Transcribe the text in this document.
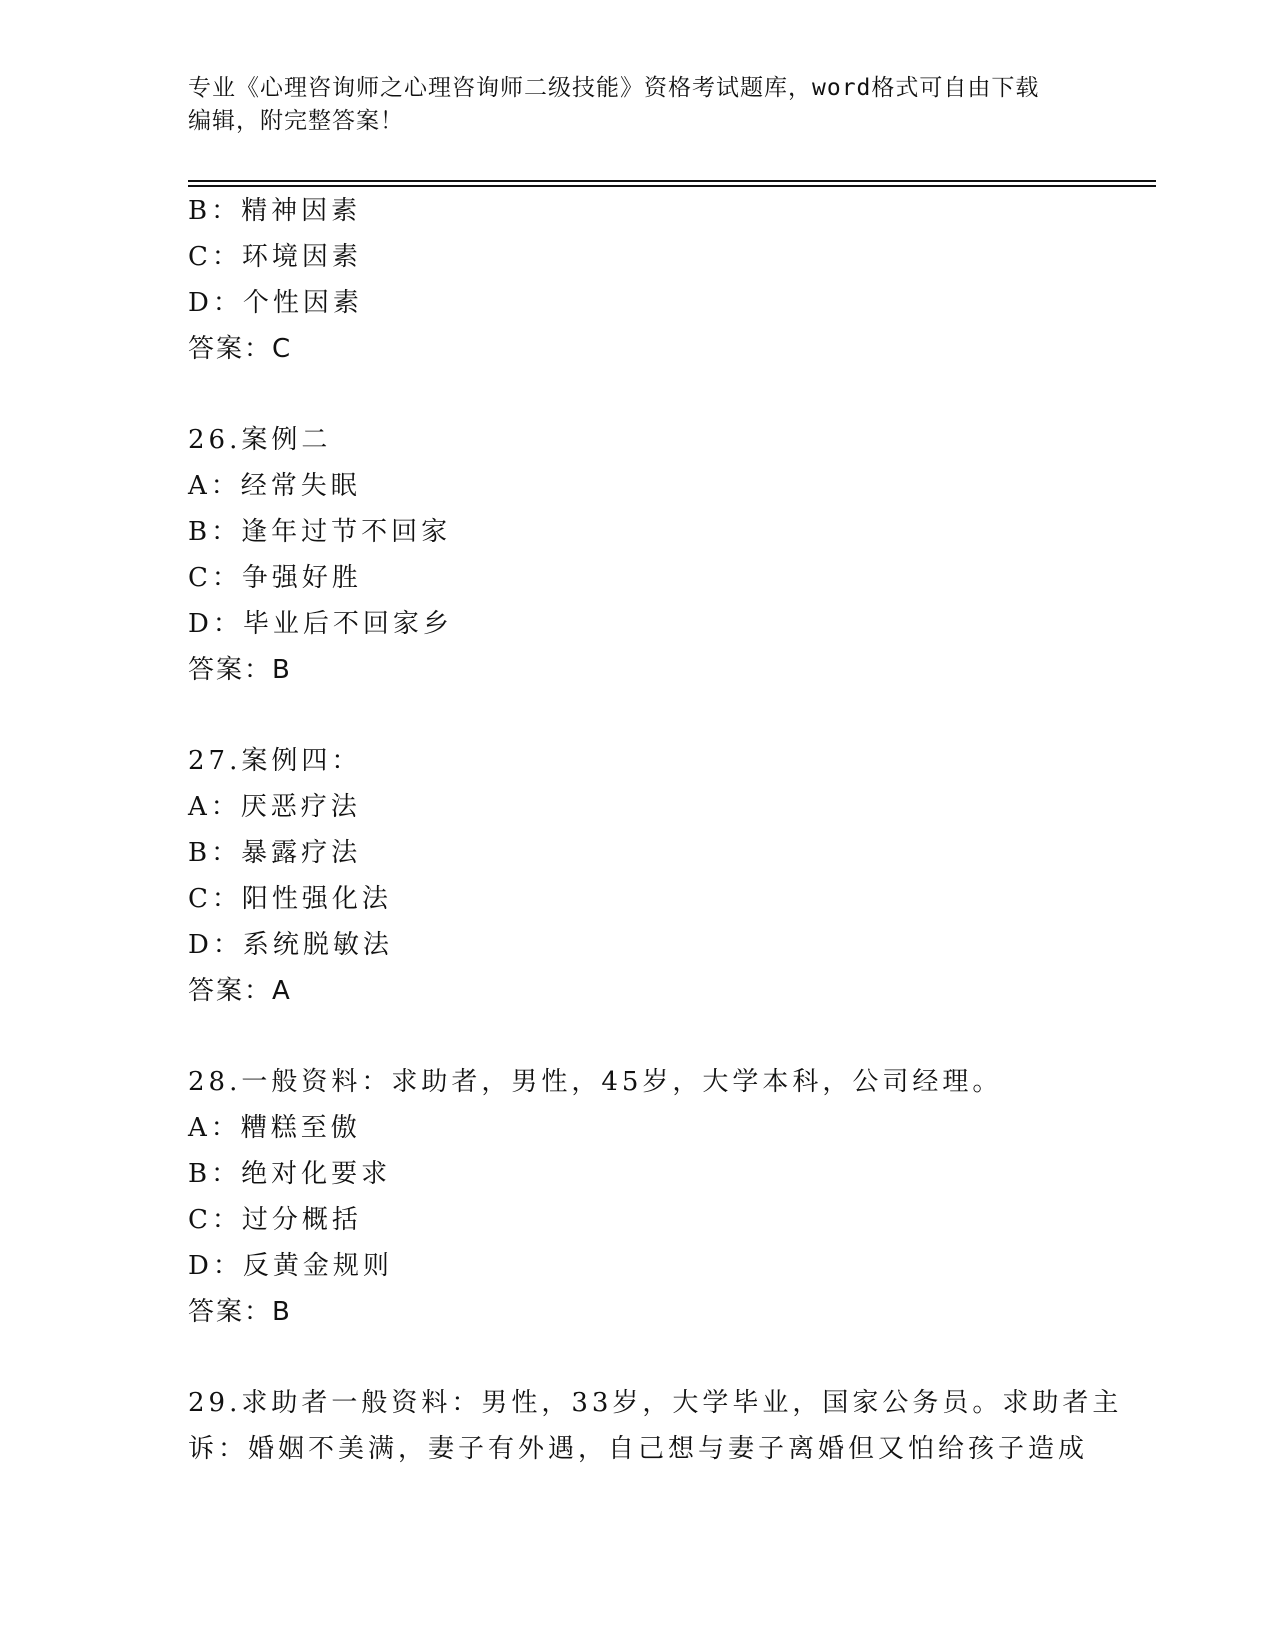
专业《心理咨询师之心理咨询师二级技能》资格考试题库，word格式可自由下载
编辑，附完整答案！
B：精神因素
C：环境因素
D：个性因素
答案：C
26.案例二
A：经常失眠
B：逢年过节不回家
C：争强好胜
D：毕业后不回家乡
答案：B
27.案例四：
A：厌恶疗法
B：暴露疗法
C：阳性强化法
D：系统脱敏法
答案：A
28.一般资料：求助者，男性，45岁，大学本科，公司经理。
A：糟糕至傲
B：绝对化要求
C：过分概括
D：反黄金规则
答案：B
29.求助者一般资料：男性，33岁，大学毕业，国家公务员。求助者主
诉：婚姻不美满，妻子有外遇，自己想与妻子离婚但又怕给孩子造成
